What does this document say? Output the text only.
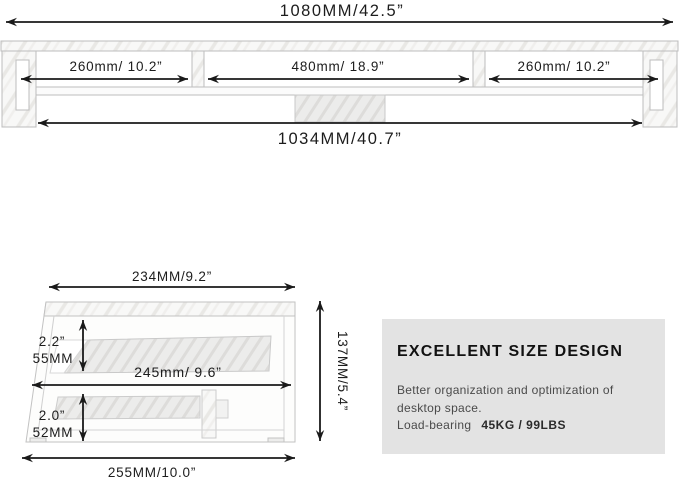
1080MM/42.5”
260mm/ 10.2”	480mm/ 18.9”	260mm/ 10.2”
1034MM/40.7”
234MM/9.2”
2.2”
55MM
245mm/ 9.6”
2.0”
52MM
255MM/10.0”
137MM/5.4”	EXCELLENT SIZE DESIGN
Better organization and optimization of
desktop space.
Load-bearing 45KG / 99LBS
